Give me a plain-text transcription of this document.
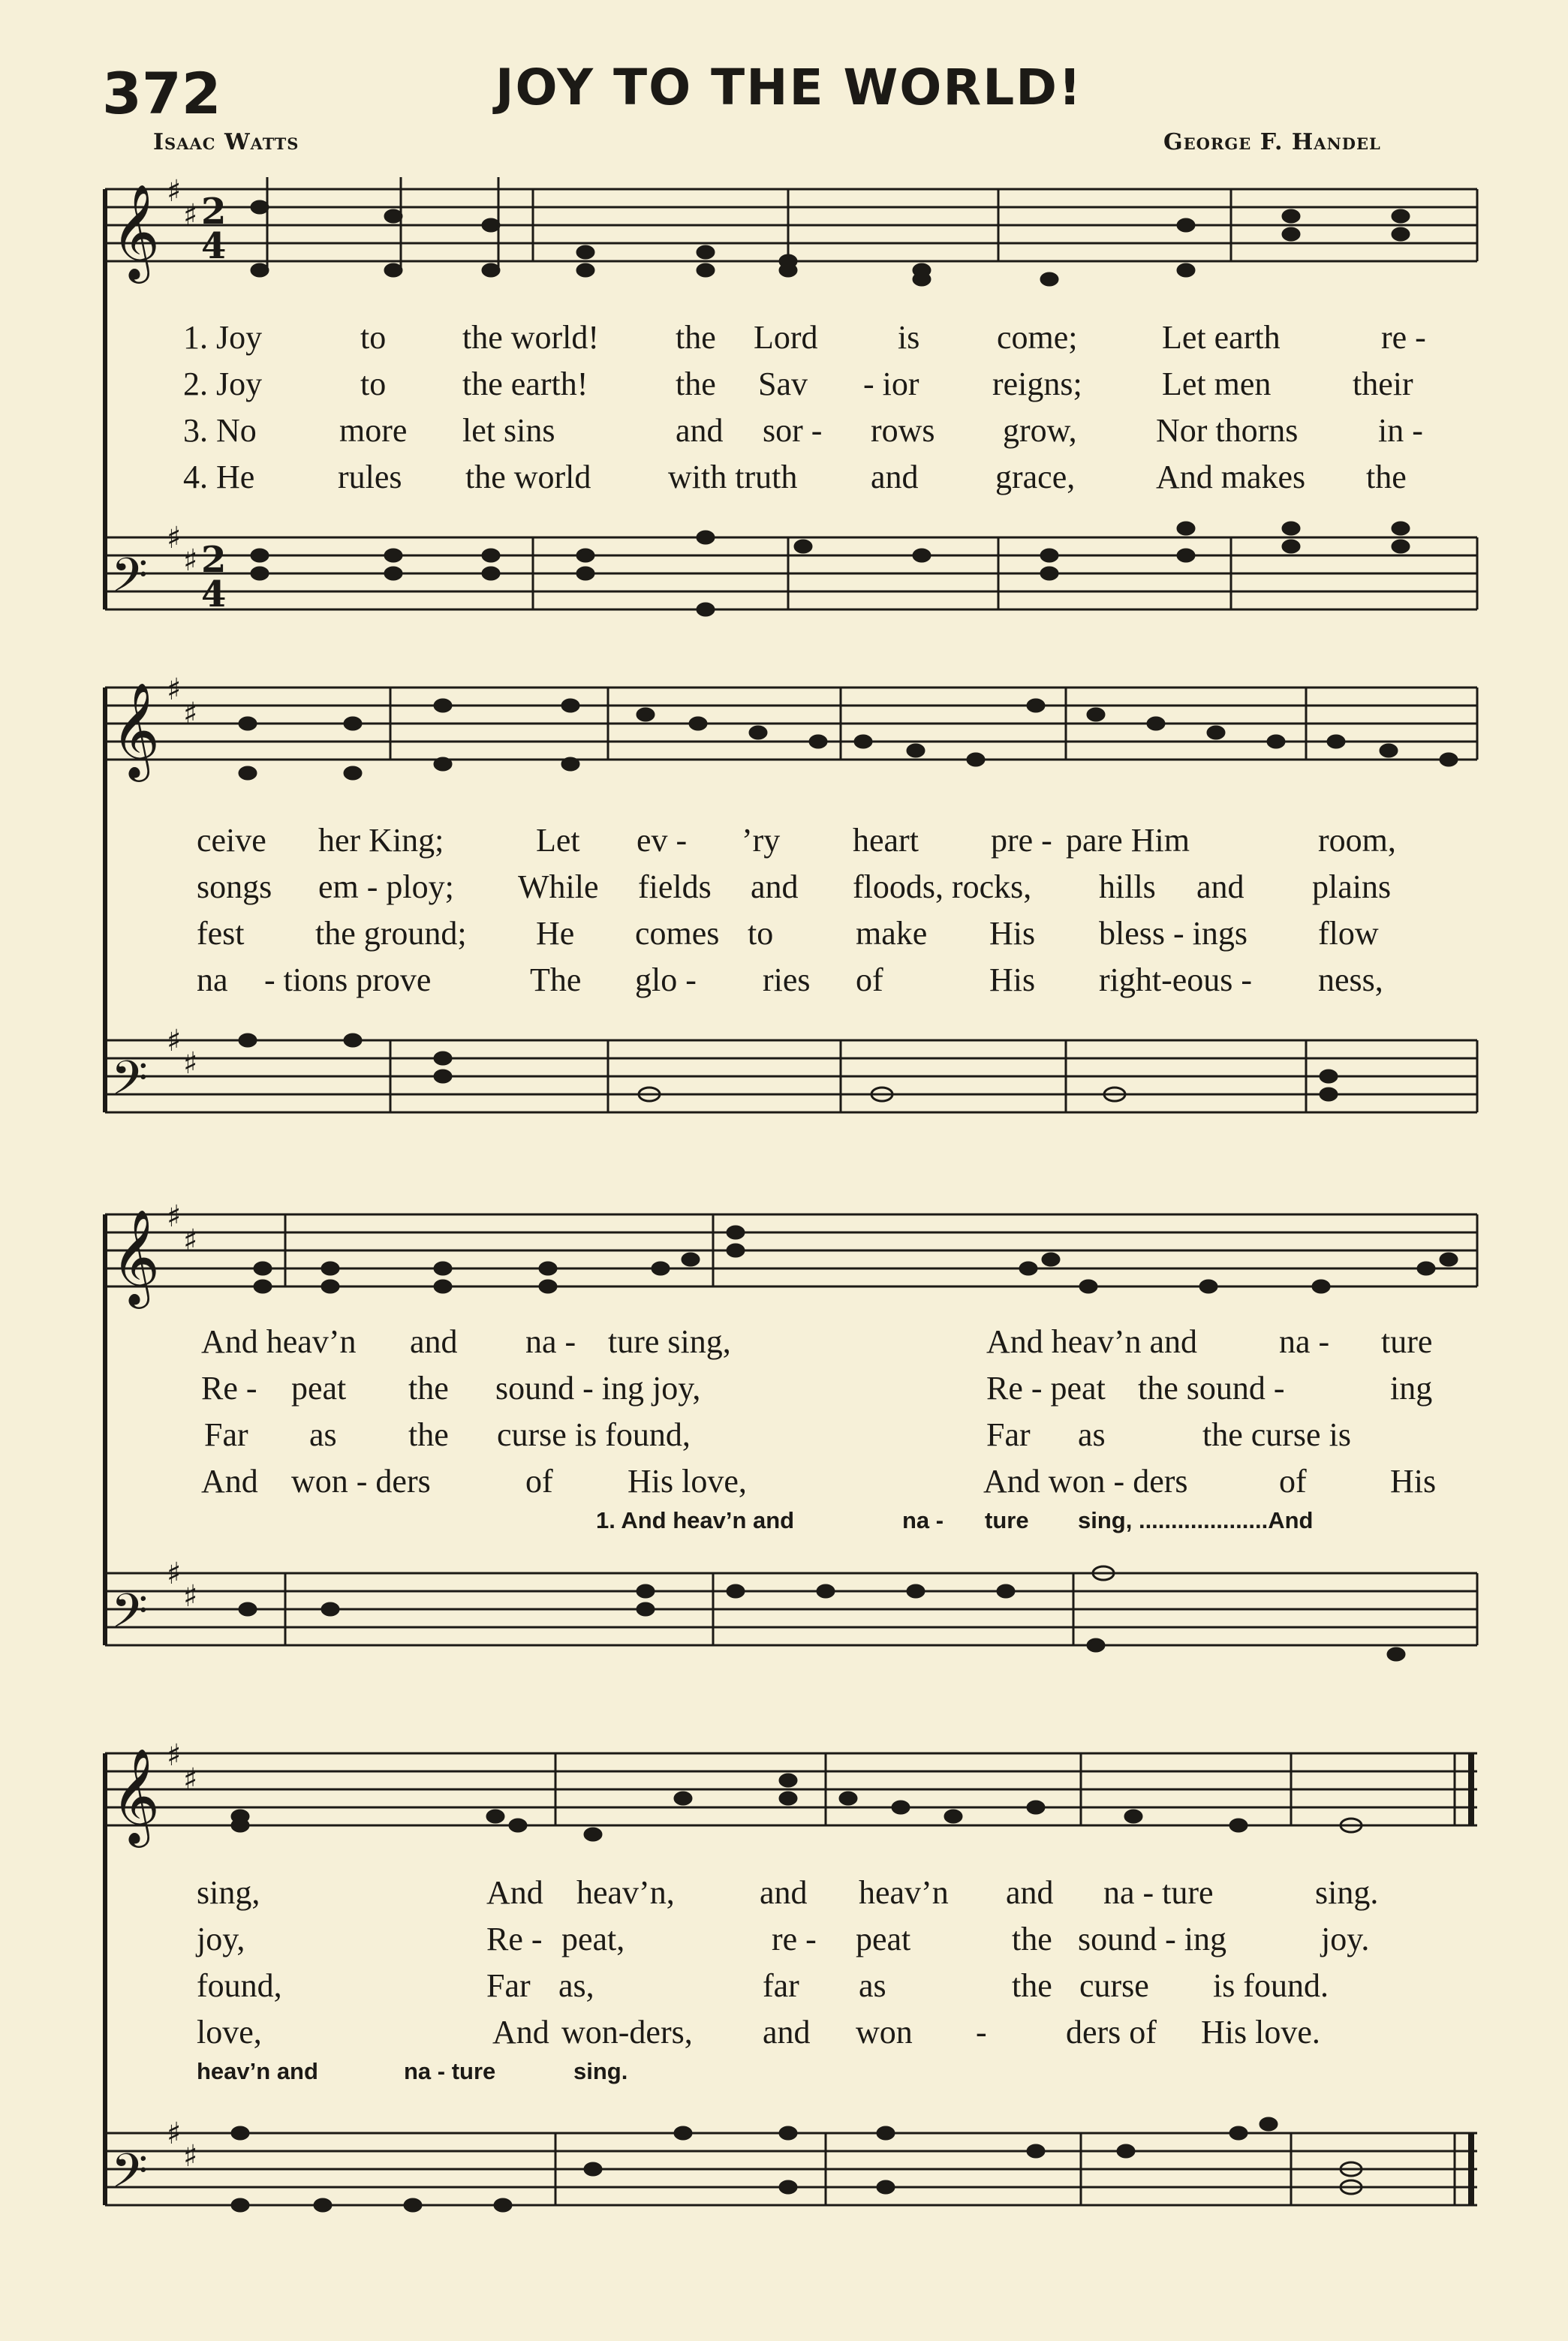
372	JOY TO THE WORLD!
Isaac Watts	George F. Handel
𝄞
𝄢
𝄞
𝄢
𝄞
𝄢
𝄞
𝄢
♯
♯
♯
♯
♯
♯
♯
♯
♯
♯
♯
♯
♯
♯
♯
♯
2
4
2
4
1. Joy	to the world! the Lord is come;	Let earth	re -
2. Joy	to the earth!	the Sav - ior reigns; Let men their
3. No	more let sins	and sor - rows grow, Nor thorns in -
4. He	rules the world with truth and grace, And makes the
ceive her King;	Let ev - ’ry heart pre - pare Him	room,
songs em - ploy; While fields and floods, rocks, hills and plains
fest the ground; He comes to make His bless - ings flow
na - tions prove	The glo - ries of	His right-eous - ness,
And heav’n and na - ture sing,	And heav’n and na - ture
Re - peat the sound - ing joy,	Re - peat the sound -	ing
Far as the curse is found,	Far as	the curse is
And won - ders	of His love,	And won - ders	of	His
1. And heav’n and	na - ture sing, ....................And
sing,	And heav’n,	and heav’n and na - ture	sing.
joy,	Re - peat,	re - peat	the sound - ing	joy.
found,	Far as,	far as	the curse is found.
love,	And won-ders, and won - ders of His love.
heav’n and	na - ture	sing.
